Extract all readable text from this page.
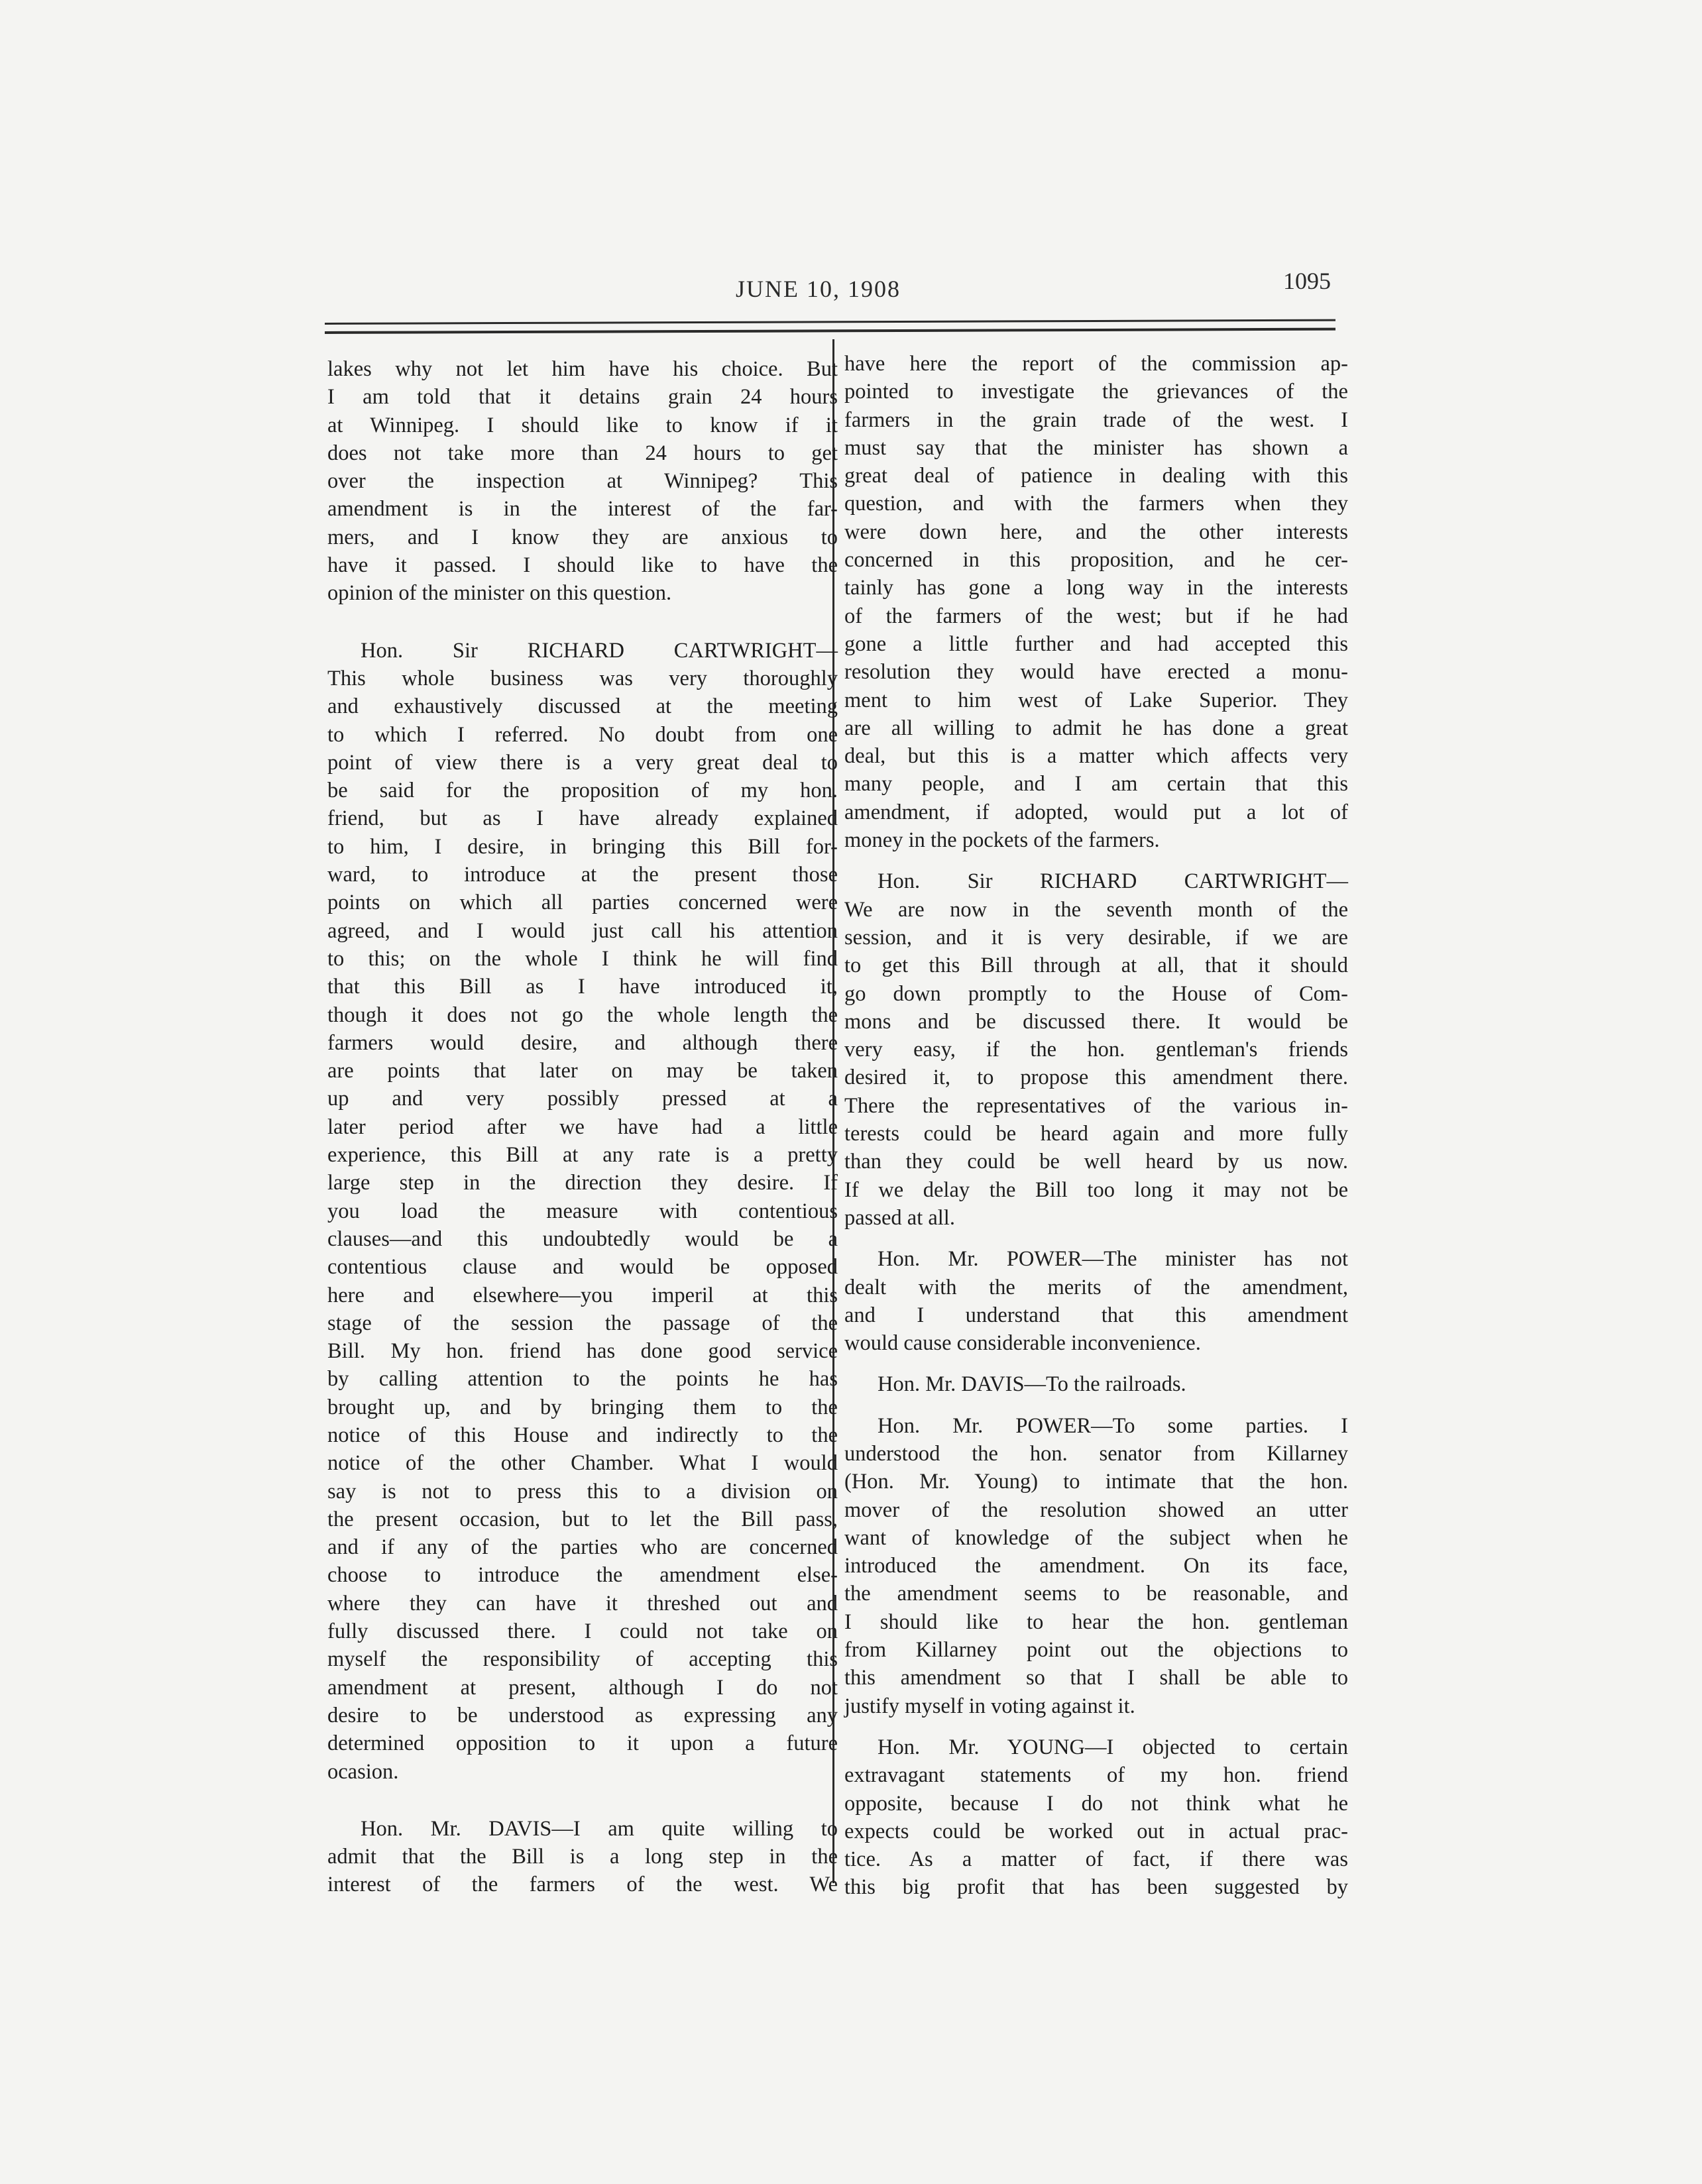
JUNE 10, 1908	1095
lakes why not let him have his choice. But
I am told that it detains grain 24 hours
at Winnipeg. I should like to know if it
does not take more than 24 hours to get
over the inspection at Winnipeg? This
amendment is in the interest of the far-
mers, and I know they are anxious to
have it passed. I should like to have the
opinion of the minister on this question.
Hon. Sir RICHARD CARTWRIGHT—
This whole business was very thoroughly
and exhaustively discussed at the meeting
to which I referred. No doubt from one
point of view there is a very great deal to
be said for the proposition of my hon.
friend, but as I have already explained
to him, I desire, in bringing this Bill for-
ward, to introduce at the present those
points on which all parties concerned were
agreed, and I would just call his attention
to this; on the whole I think he will find
that this Bill as I have introduced it,
though it does not go the whole length the
farmers would desire, and although there
are points that later on may be taken
up and very possibly pressed at a
later period after we have had a little
experience, this Bill at any rate is a pretty
large step in the direction they desire. If
you load the measure with contentious
clauses—and this undoubtedly would be a
contentious clause and would be opposed
here and elsewhere—you imperil at this
stage of the session the passage of the
Bill. My hon. friend has done good service
by calling attention to the points he has
brought up, and by bringing them to the
notice of this House and indirectly to the
notice of the other Chamber. What I would
say is not to press this to a division on
the present occasion, but to let the Bill pass,
and if any of the parties who are concerned
choose to introduce the amendment else-
where they can have it threshed out and
fully discussed there. I could not take on
myself the responsibility of accepting this
amendment at present, although I do not
desire to be understood as expressing any
determined opposition to it upon a future
ocasion.
Hon. Mr. DAVIS—I am quite willing to
admit that the Bill is a long step in the
interest of the farmers of the west. We
have here the report of the commission ap-
pointed to investigate the grievances of the
farmers in the grain trade of the west. I
must say that the minister has shown a
great deal of patience in dealing with this
question, and with the farmers when they
were down here, and the other interests
concerned in this proposition, and he cer-
tainly has gone a long way in the interests
of the farmers of the west; but if he had
gone a little further and had accepted this
resolution they would have erected a monu-
ment to him west of Lake Superior. They
are all willing to admit he has done a great
deal, but this is a matter which affects very
many people, and I am certain that this
amendment, if adopted, would put a lot of
money in the pockets of the farmers.
Hon. Sir RICHARD CARTWRIGHT—
We are now in the seventh month of the
session, and it is very desirable, if we are
to get this Bill through at all, that it should
go down promptly to the House of Com-
mons and be discussed there. It would be
very easy, if the hon. gentleman's friends
desired it, to propose this amendment there.
There the representatives of the various in-
terests could be heard again and more fully
than they could be well heard by us now.
If we delay the Bill too long it may not be
passed at all.
Hon. Mr. POWER—The minister has not
dealt with the merits of the amendment,
and I understand that this amendment
would cause considerable inconvenience.
Hon. Mr. DAVIS—To the railroads.
Hon. Mr. POWER—To some parties. I
understood the hon. senator from Killarney
(Hon. Mr. Young) to intimate that the hon.
mover of the resolution showed an utter
want of knowledge of the subject when he
introduced the amendment. On its face,
the amendment seems to be reasonable, and
I should like to hear the hon. gentleman
from Killarney point out the objections to
this amendment so that I shall be able to
justify myself in voting against it.
Hon. Mr. YOUNG—I objected to certain
extravagant statements of my hon. friend
opposite, because I do not think what he
expects could be worked out in actual prac-
tice. As a matter of fact, if there was
this big profit that has been suggested by
